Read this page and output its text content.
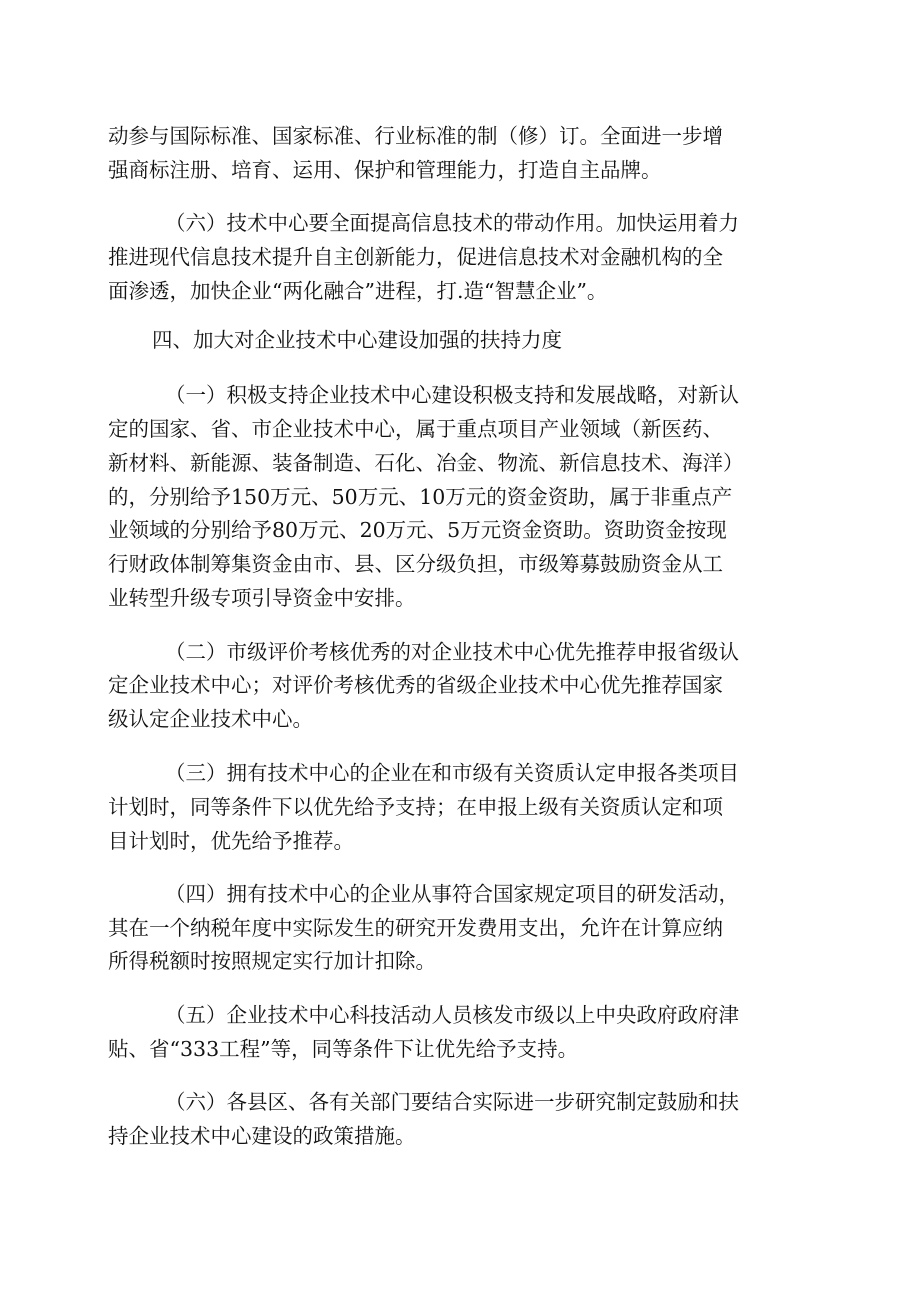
动参与国际标准、国家标准、行业标准的制（修）订。全面进一步增
强商标注册、培育、运用、保护和管理能力，打造自主品牌。
（六）技术中心要全面提高信息技术的带动作用。加快运用着力
推进现代信息技术提升自主创新能力，促进信息技术对金融机构的全
面渗透，加快企业“两化融合”进程，打.造“智慧企业”。
四、加大对企业技术中心建设加强的扶持力度
（一）积极支持企业技术中心建设积极支持和发展战略，对新认
定的国家、省、市企业技术中心，属于重点项目产业领域（新医药、
新材料、新能源、装备制造、石化、冶金、物流、新信息技术、海洋）
的，分别给予150万元、50万元、10万元的资金资助，属于非重点产
业领域的分别给予80万元、20万元、5万元资金资助。资助资金按现
行财政体制筹集资金由市、县、区分级负担，市级筹募鼓励资金从工
业转型升级专项引导资金中安排。
（二）市级评价考核优秀的对企业技术中心优先推荐申报省级认
定企业技术中心；对评价考核优秀的省级企业技术中心优先推荐国家
级认定企业技术中心。
（三）拥有技术中心的企业在和市级有关资质认定申报各类项目
计划时，同等条件下以优先给予支持；在申报上级有关资质认定和项
目计划时，优先给予推荐。
（四）拥有技术中心的企业从事符合国家规定项目的研发活动，
其在一个纳税年度中实际发生的研究开发费用支出，允许在计算应纳
所得税额时按照规定实行加计扣除。
（五）企业技术中心科技活动人员核发市级以上中央政府政府津
贴、省“333工程”等，同等条件下让优先给予支持。
（六）各县区、各有关部门要结合实际进一步研究制定鼓励和扶
持企业技术中心建设的政策措施。
